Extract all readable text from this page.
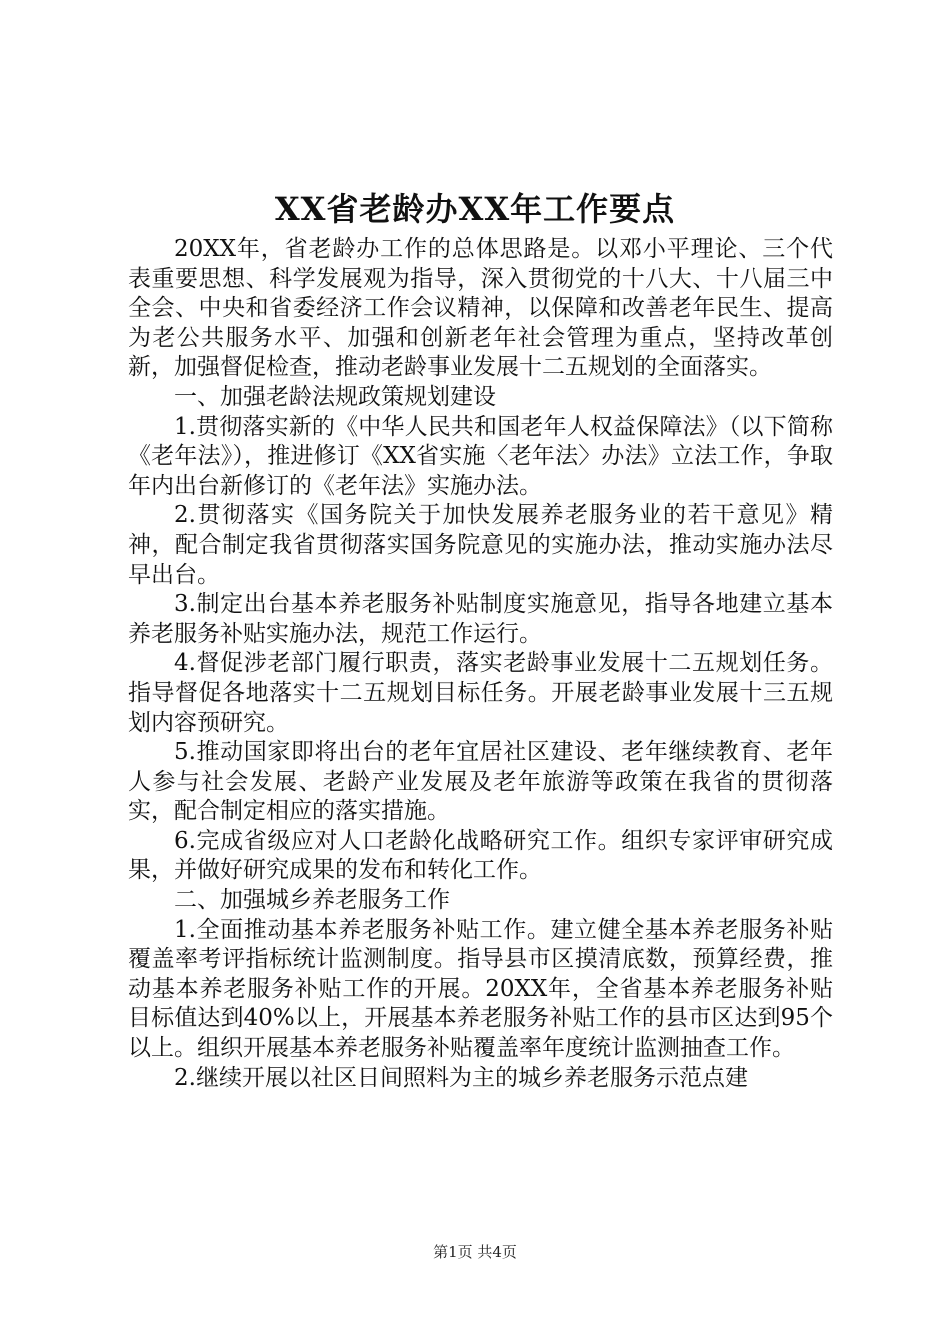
XX省老龄办XX年工作要点

20XX年，省老龄办工作的总体思路是。以邓小平理论、三个代表重要思想、科学发展观为指导，深入贯彻党的十八大、十八届三中全会、中央和省委经济工作会议精神，以保障和改善老年民生、提高为老公共服务水平、加强和创新老年社会管理为重点，坚持改革创新，加强督促检查，推动老龄事业发展十二五规划的全面落实。

一、加强老龄法规政策规划建设

1.贯彻落实新的《中华人民共和国老年人权益保障法》（以下简称《老年法》），推进修订《XX省实施〈老年法〉办法》立法工作，争取年内出台新修订的《老年法》实施办法。

2.贯彻落实《国务院关于加快发展养老服务业的若干意见》精神，配合制定我省贯彻落实国务院意见的实施办法，推动实施办法尽早出台。

3.制定出台基本养老服务补贴制度实施意见，指导各地建立基本养老服务补贴实施办法，规范工作运行。

4.督促涉老部门履行职责，落实老龄事业发展十二五规划任务。指导督促各地落实十二五规划目标任务。开展老龄事业发展十三五规划内容预研究。

5.推动国家即将出台的老年宜居社区建设、老年继续教育、老年人参与社会发展、老龄产业发展及老年旅游等政策在我省的贯彻落实，配合制定相应的落实措施。

6.完成省级应对人口老龄化战略研究工作。组织专家评审研究成果，并做好研究成果的发布和转化工作。

二、加强城乡养老服务工作

1.全面推动基本养老服务补贴工作。建立健全基本养老服务补贴覆盖率考评指标统计监测制度。指导县市区摸清底数，预算经费，推动基本养老服务补贴工作的开展。20XX年，全省基本养老服务补贴目标值达到40%以上，开展基本养老服务补贴工作的县市区达到95个以上。组织开展基本养老服务补贴覆盖率年度统计监测抽查工作。

2.继续开展以社区日间照料为主的城乡养老服务示范点建

第1页 共4页
